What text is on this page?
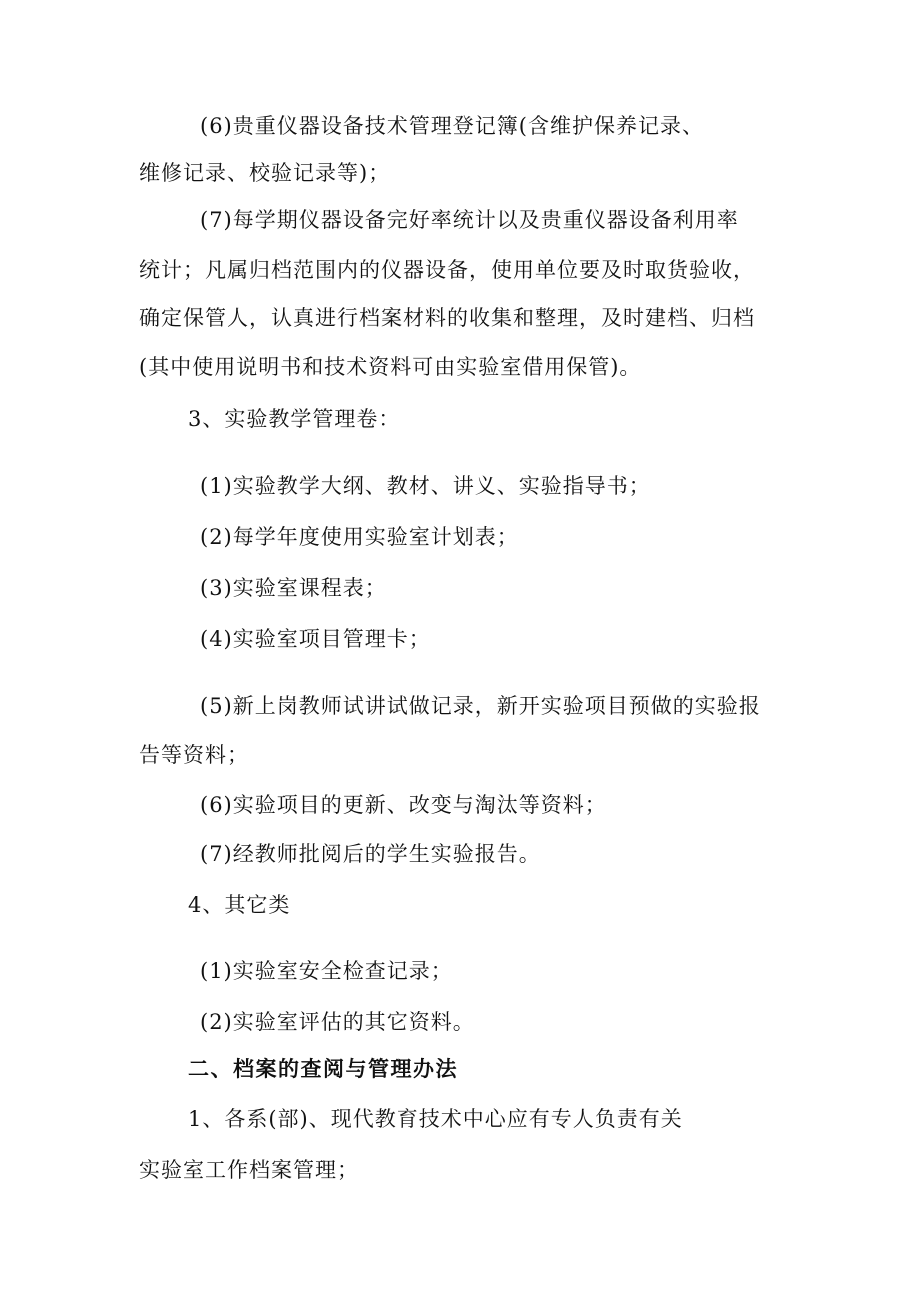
(6)贵重仪器设备技术管理登记簿(含维护保养记录、
维修记录、校验记录等)；
(7)每学期仪器设备完好率统计以及贵重仪器设备利用率
统计；凡属归档范围内的仪器设备，使用单位要及时取货验收，
确定保管人，认真进行档案材料的收集和整理，及时建档、归档
(其中使用说明书和技术资料可由实验室借用保管)。
3、实验教学管理卷：
(1)实验教学大纲、教材、讲义、实验指导书；
(2)每学年度使用实验室计划表；
(3)实验室课程表；
(4)实验室项目管理卡；
(5)新上岗教师试讲试做记录，新开实验项目预做的实验报
告等资料；
(6)实验项目的更新、改变与淘汰等资料；
(7)经教师批阅后的学生实验报告。
4、其它类
(1)实验室安全检查记录；
(2)实验室评估的其它资料。
二、档案的查阅与管理办法
1、各系(部)、现代教育技术中心应有专人负责有关
实验室工作档案管理；
